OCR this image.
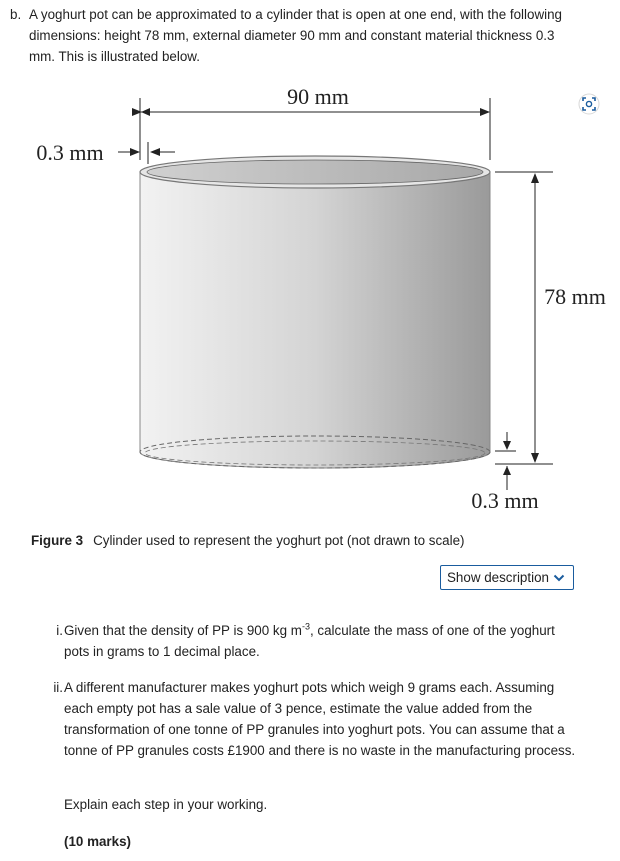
b. A yoghurt pot can be approximated to a cylinder that is open at one end, with the following dimensions: height 78 mm, external diameter 90 mm and constant material thickness 0.3 mm. This is illustrated below.
90 mm
0.3 mm
78 mm
0.3 mm
Figure 3 Cylinder used to represent the yoghurt pot (not drawn to scale)
Show description
i. Given that the density of PP is 900 kg $m^{-3}$, calculate the mass of one of the yoghurt pots in grams to 1 decimal place.
ii. A different manufacturer makes yoghurt pots which weigh 9 grams each. Assuming each empty pot has a sale value of 3 pence, estimate the value added from the transformation of one tonne of PP granules into yoghurt pots. You can assume that a tonne of PP granules costs £1900 and there is no waste in the manufacturing process.
Explain each step in your working.
(10 marks)
